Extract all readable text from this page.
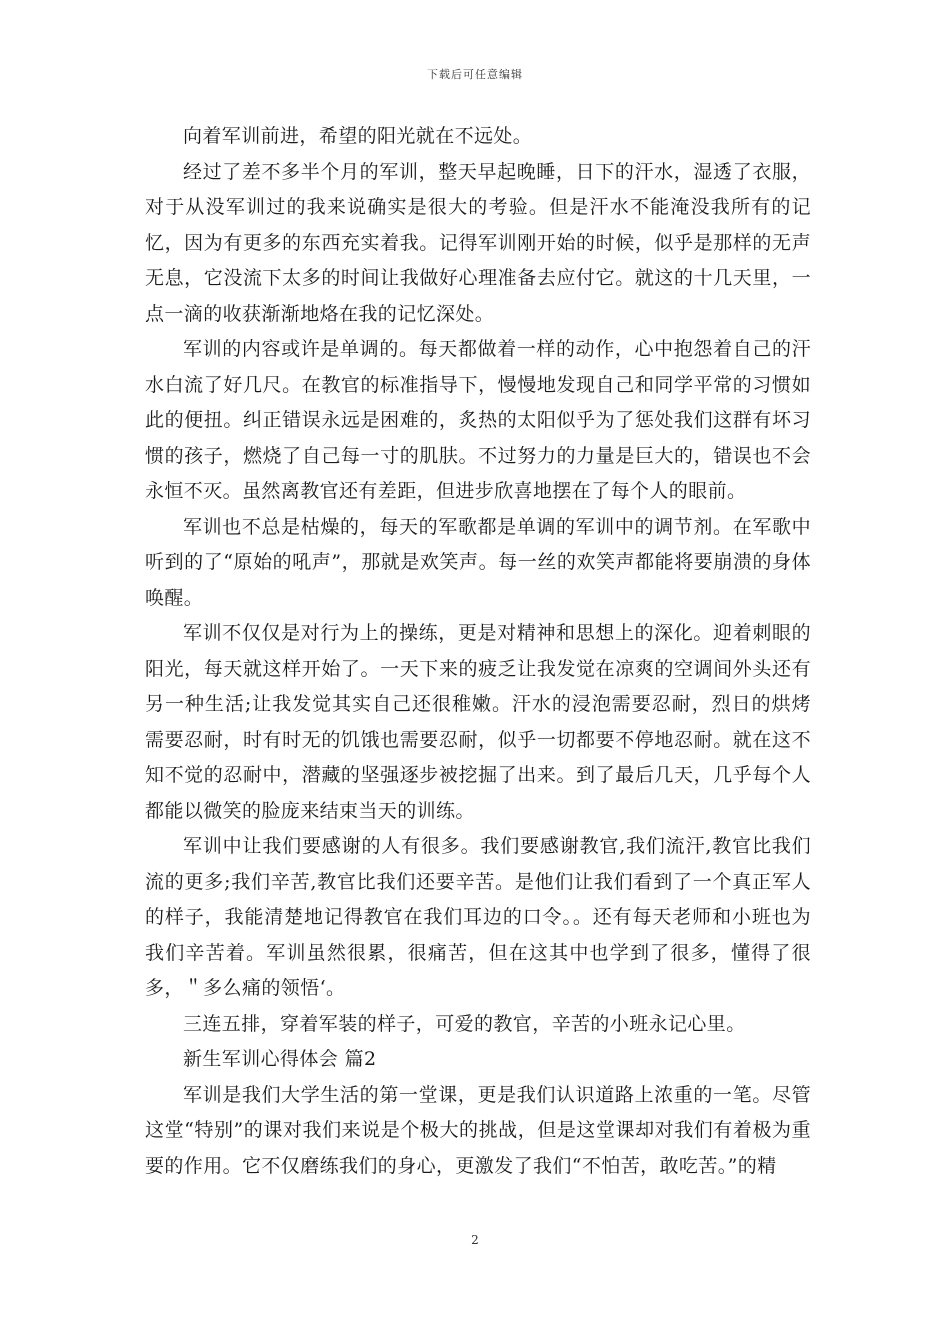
下载后可任意编辑

向着军训前进，希望的阳光就在不远处。

经过了差不多半个月的军训，整天早起晚睡，日下的汗水，湿透了衣服，对于从没军训过的我来说确实是很大的考验。但是汗水不能淹没我所有的记忆，因为有更多的东西充实着我。记得军训刚开始的时候，似乎是那样的无声无息，它没流下太多的时间让我做好心理准备去应付它。就这的十几天里，一点一滴的收获渐渐地烙在我的记忆深处。

军训的内容或许是单调的。每天都做着一样的动作，心中抱怨着自己的汗水白流了好几尺。在教官的标准指导下，慢慢地发现自己和同学平常的习惯如此的便扭。纠正错误永远是困难的，炙热的太阳似乎为了惩处我们这群有坏习惯的孩子，燃烧了自己每一寸的肌肤。不过努力的力量是巨大的，错误也不会永恒不灭。虽然离教官还有差距，但进步欣喜地摆在了每个人的眼前。

军训也不总是枯燥的，每天的军歌都是单调的军训中的调节剂。在军歌中听到的了“原始的吼声”，那就是欢笑声。每一丝的欢笑声都能将要崩溃的身体唤醒。

军训不仅仅是对行为上的操练，更是对精神和思想上的深化。迎着刺眼的阳光，每天就这样开始了。一天下来的疲乏让我发觉在凉爽的空调间外头还有另一种生活;让我发觉其实自己还很稚嫩。汗水的浸泡需要忍耐，烈日的烘烤需要忍耐，时有时无的饥饿也需要忍耐，似乎一切都要不停地忍耐。就在这不知不觉的忍耐中，潜藏的坚强逐步被挖掘了出来。到了最后几天，几乎每个人都能以微笑的脸庞来结束当天的训练。

军训中让我们要感谢的人有很多。我们要感谢教官,我们流汗,教官比我们流的更多;我们辛苦,教官比我们还要辛苦。是他们让我们看到了一个真正军人的样子，我能清楚地记得教官在我们耳边的口令。。还有每天老师和小班也为我们辛苦着。军训虽然很累，很痛苦，但在这其中也学到了很多，懂得了很多，＂多么痛的领悟‘。

三连五排，穿着军装的样子，可爱的教官，辛苦的小班永记心里。

新生军训心得体会 篇2

军训是我们大学生活的第一堂课，更是我们认识道路上浓重的一笔。尽管这堂“特别”的课对我们来说是个极大的挑战，但是这堂课却对我们有着极为重要的作用。它不仅磨练我们的身心，更激发了我们“不怕苦，敢吃苦。”的精

2
